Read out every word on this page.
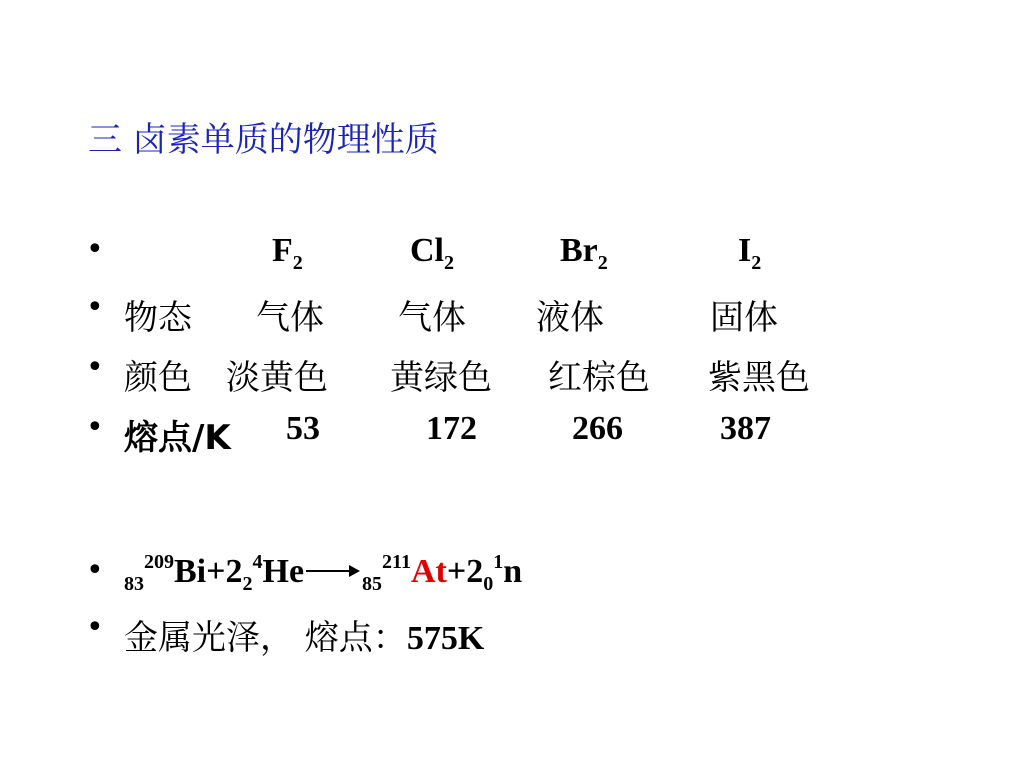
三 卤素单质的物理性质
•	$F_2$	$Cl_2$	$Br_2$	$I_2$
• 物态 气体 气体 液体	固体
• 颜色 淡黄色 黄绿色 红棕色 紫黑色
• 熔点/K 53	172	266	387
• $_{83}^{209}Bi+2_2^4He$	$_{85}^{211}At+2_0^1n$
• 金属光泽， 熔点：575K
